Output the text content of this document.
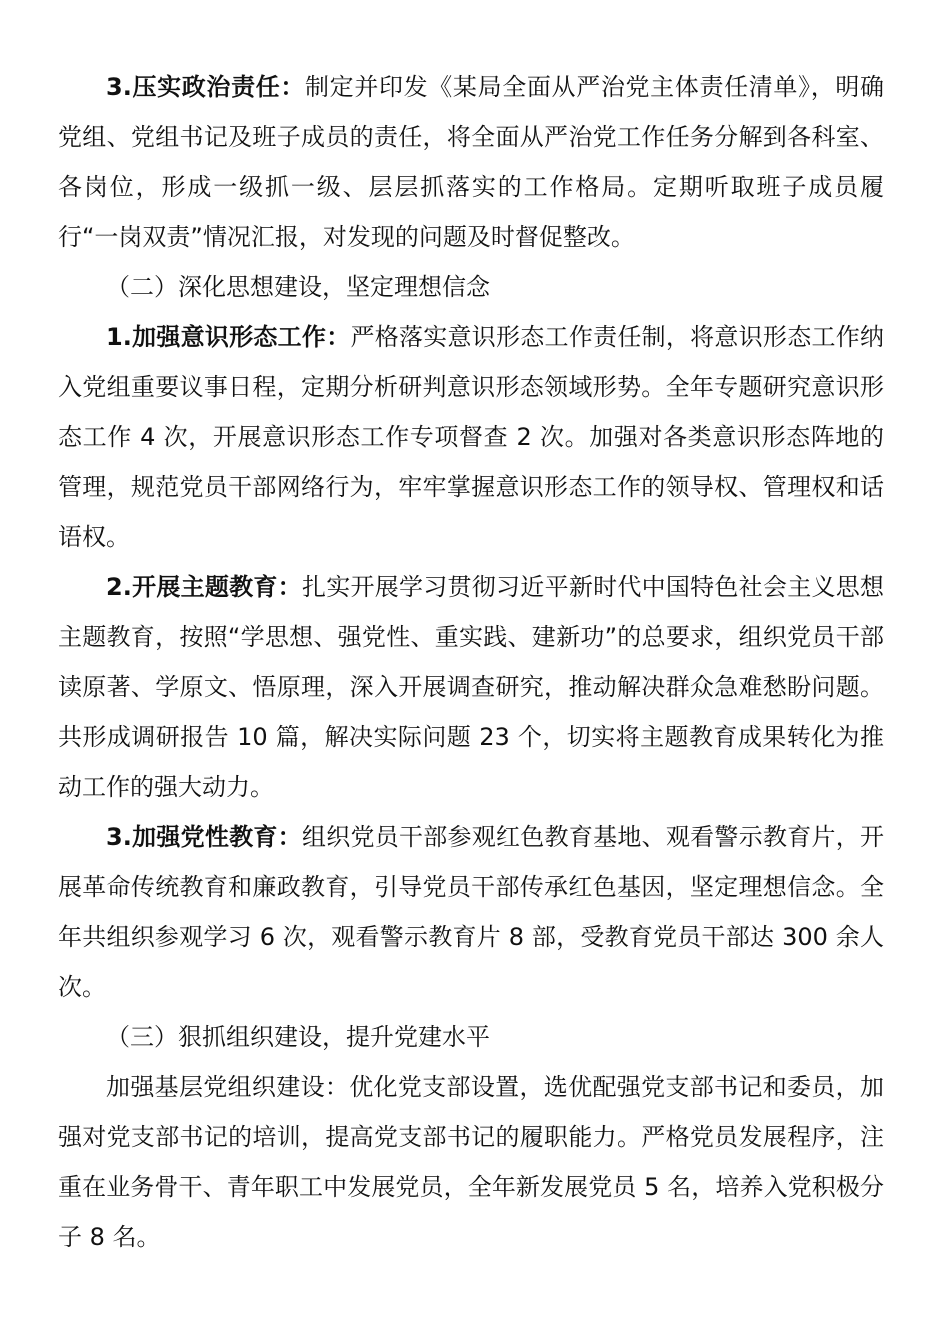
3.压实政治责任：制定并印发《某局全面从严治党主体责任清单》，明确党组、党组书记及班子成员的责任，将全面从严治党工作任务分解到各科室、各岗位，形成一级抓一级、层层抓落实的工作格局。定期听取班子成员履行“一岗双责”情况汇报，对发现的问题及时督促整改。

（二）深化思想建设，坚定理想信念

1.加强意识形态工作：严格落实意识形态工作责任制，将意识形态工作纳入党组重要议事日程，定期分析研判意识形态领域形势。全年专题研究意识形态工作 4 次，开展意识形态工作专项督查 2 次。加强对各类意识形态阵地的管理，规范党员干部网络行为，牢牢掌握意识形态工作的领导权、管理权和话语权。

2.开展主题教育：扎实开展学习贯彻习近平新时代中国特色社会主义思想主题教育，按照“学思想、强党性、重实践、建新功”的总要求，组织党员干部读原著、学原文、悟原理，深入开展调查研究，推动解决群众急难愁盼问题。共形成调研报告 10 篇，解决实际问题 23 个，切实将主题教育成果转化为推动工作的强大动力。

3.加强党性教育：组织党员干部参观红色教育基地、观看警示教育片，开展革命传统教育和廉政教育，引导党员干部传承红色基因，坚定理想信念。全年共组织参观学习 6 次，观看警示教育片 8 部，受教育党员干部达 300 余人次。

（三）狠抓组织建设，提升党建水平

加强基层党组织建设：优化党支部设置，选优配强党支部书记和委员，加强对党支部书记的培训，提高党支部书记的履职能力。严格党员发展程序，注重在业务骨干、青年职工中发展党员，全年新发展党员 5 名，培养入党积极分子 8 名。
